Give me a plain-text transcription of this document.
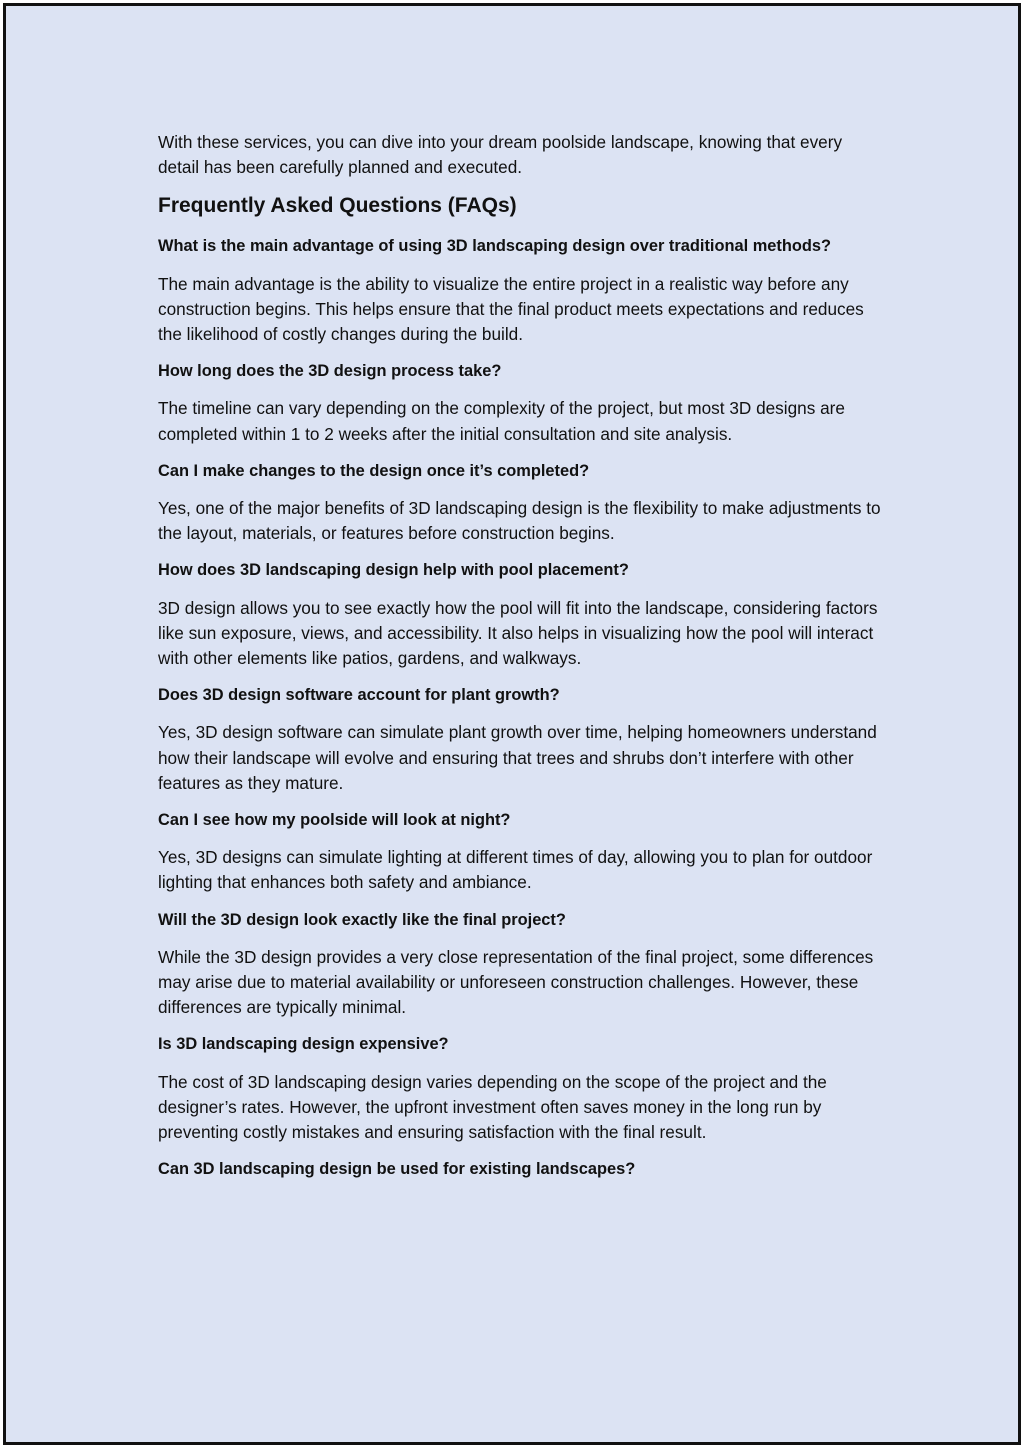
With these services, you can dive into your dream poolside landscape, knowing that every detail has been carefully planned and executed.

Frequently Asked Questions (FAQs)

What is the main advantage of using 3D landscaping design over traditional methods?

The main advantage is the ability to visualize the entire project in a realistic way before any construction begins. This helps ensure that the final product meets expectations and reduces the likelihood of costly changes during the build.

How long does the 3D design process take?

The timeline can vary depending on the complexity of the project, but most 3D designs are completed within 1 to 2 weeks after the initial consultation and site analysis.

Can I make changes to the design once it’s completed?

Yes, one of the major benefits of 3D landscaping design is the flexibility to make adjustments to the layout, materials, or features before construction begins.

How does 3D landscaping design help with pool placement?

3D design allows you to see exactly how the pool will fit into the landscape, considering factors like sun exposure, views, and accessibility. It also helps in visualizing how the pool will interact with other elements like patios, gardens, and walkways.

Does 3D design software account for plant growth?

Yes, 3D design software can simulate plant growth over time, helping homeowners understand how their landscape will evolve and ensuring that trees and shrubs don’t interfere with other features as they mature.

Can I see how my poolside will look at night?

Yes, 3D designs can simulate lighting at different times of day, allowing you to plan for outdoor lighting that enhances both safety and ambiance.

Will the 3D design look exactly like the final project?

While the 3D design provides a very close representation of the final project, some differences may arise due to material availability or unforeseen construction challenges. However, these differences are typically minimal.

Is 3D landscaping design expensive?

The cost of 3D landscaping design varies depending on the scope of the project and the designer’s rates. However, the upfront investment often saves money in the long run by preventing costly mistakes and ensuring satisfaction with the final result.

Can 3D landscaping design be used for existing landscapes?
